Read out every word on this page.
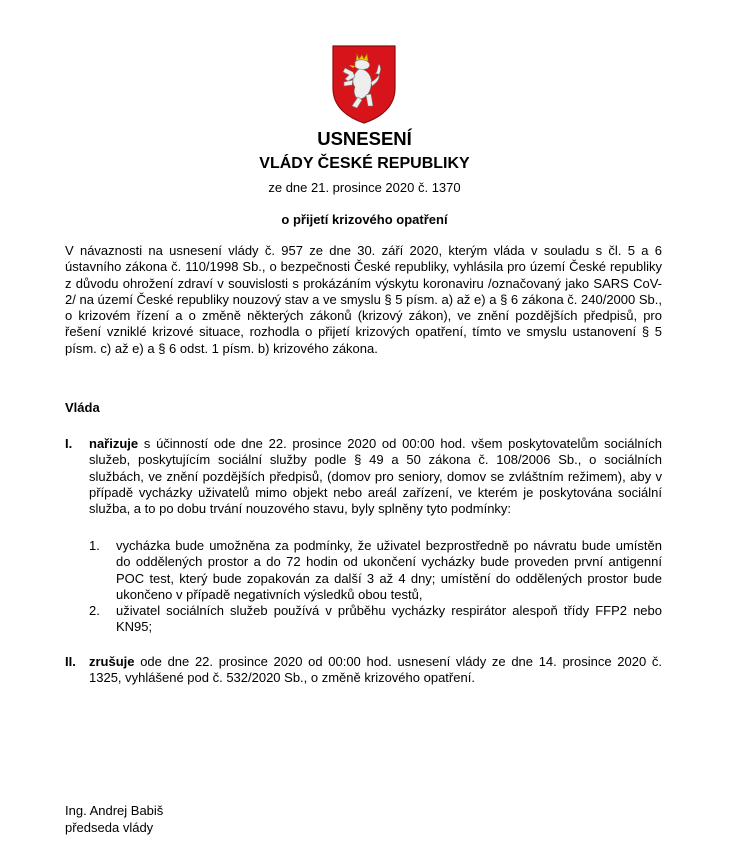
USNESENÍ
VLÁDY ČESKÉ REPUBLIKY
ze dne 21. prosince 2020 č. 1370
o přijetí krizového opatření
V návaznosti na usnesení vlády č. 957 ze dne 30. září 2020, kterým vláda v souladu s čl. 5 a 6 ústavního zákona č. 110/1998 Sb., o bezpečnosti České republiky, vyhlásila pro území České republiky z důvodu ohrožení zdraví v souvislosti s prokázáním výskytu koronaviru /označovaný jako SARS CoV-2/ na území České republiky nouzový stav a ve smyslu § 5 písm. a) až e) a § 6 zákona č. 240/2000 Sb., o krizovém řízení a o změně některých zákonů (krizový zákon), ve znění pozdějších předpisů, pro řešení vzniklé krizové situace, rozhodla o přijetí krizových opatření, tímto ve smyslu ustanovení § 5 písm. c) až e) a § 6 odst. 1 písm. b) krizového zákona.
Vláda
I. nařizuje s účinností ode dne 22. prosince 2020 od 00:00 hod. všem poskytovatelům sociálních služeb, poskytujícím sociální služby podle § 49 a 50 zákona č. 108/2006 Sb., o sociálních službách, ve znění pozdějších předpisů, (domov pro seniory, domov se zvláštním režimem), aby v případě vycházky uživatelů mimo objekt nebo areál zařízení, ve kterém je poskytována sociální služba, a to po dobu trvání nouzového stavu, byly splněny tyto podmínky:
1.	vycházka bude umožněna za podmínky, že uživatel bezprostředně po návratu bude umístěn do oddělených prostor a do 72 hodin od ukončení vycházky bude proveden první antigenní POC test, který bude zopakován za další 3 až 4 dny; umístění do oddělených prostor bude ukončeno v případě negativních výsledků obou testů,
2.	uživatel sociálních služeb používá v průběhu vycházky respirátor alespoň třídy FFP2 nebo KN95;
II. zrušuje ode dne 22. prosince 2020 od 00:00 hod. usnesení vlády ze dne 14. prosince 2020 č. 1325, vyhlášené pod č. 532/2020 Sb., o změně krizového opatření.
Ing. Andrej Babiš
předseda vlády
